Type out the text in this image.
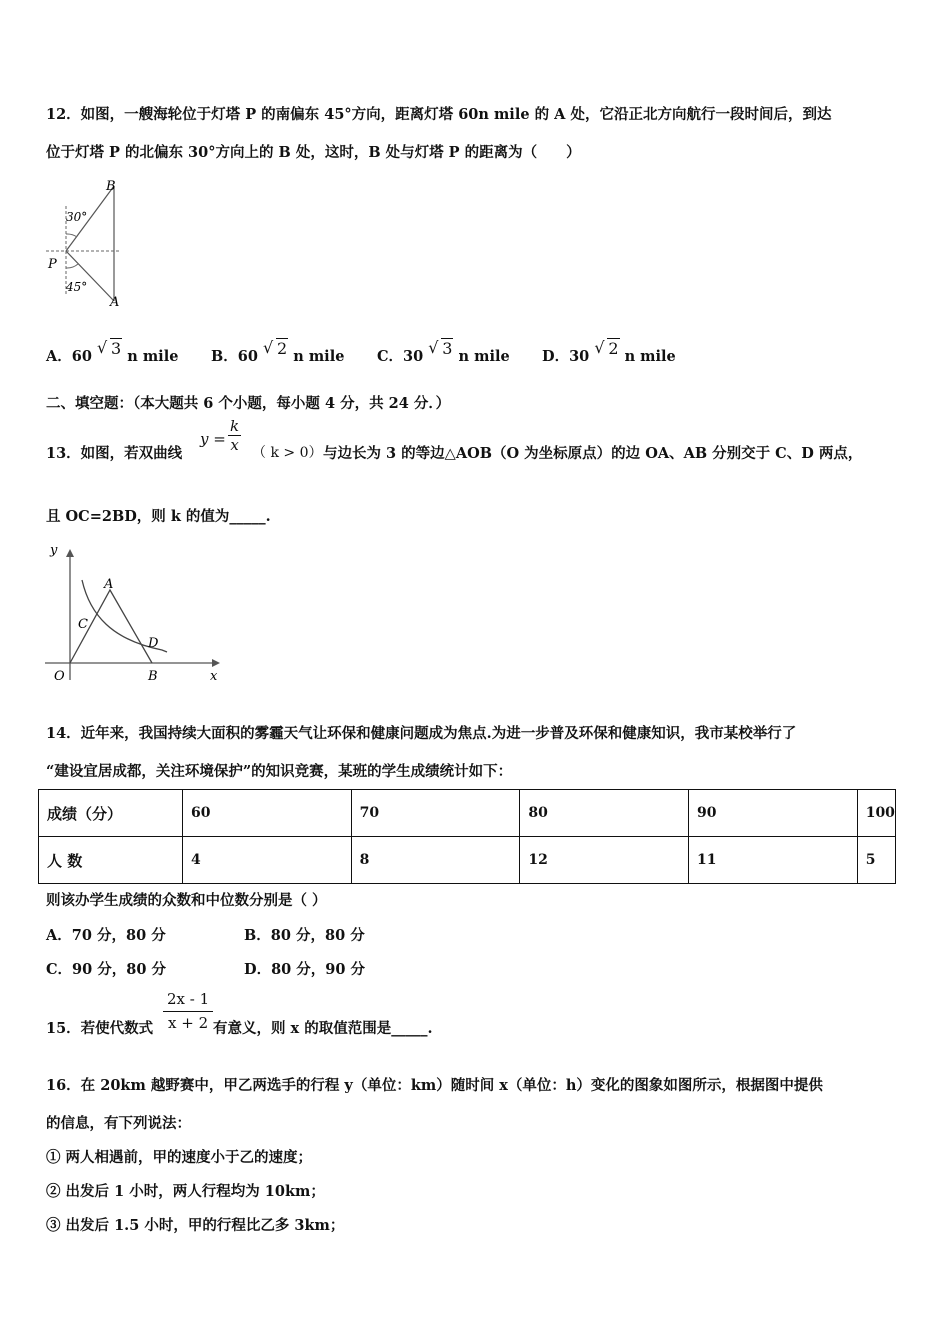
12．如图，一艘海轮位于灯塔 P 的南偏东 45°方向，距离灯塔 60n mile 的 A 处，它沿正北方向航行一段时间后，到达
位于灯塔 P 的北偏东 30°方向上的 B 处，这时，B 处与灯塔 P 的距离为（　　）
B
P
A
30°
45°
A．60 √ 3 n mile B．60 √ 2 n mile C．30 √ 3 n mile D．30 √ 2 n mile
二、填空题：（本大题共 6 个小题，每小题 4 分，共 24 分．）
13．如图，若双曲线
$y = \frac{k}{x}$ （ k > 0） 与边长为 3 的等边△AOB（O 为坐标原点）的边 OA、AB 分别交于 C、D 两点，
且 OC=2BD，则 k 的值为_____.
y
x
O
A
B
C
D
14．近年来，我国持续大面积的雾霾天气让环保和健康问题成为焦点.为进一步普及环保和健康知识，我市某校举行了
“建设宜居成都，关注环境保护”的知识竞赛，某班的学生成绩统计如下：
成绩（分）	60	70	80	90	100
人 数	4	8	12	11	5
则该办学生成绩的众数和中位数分别是（ ）
A．70 分，80 分	B．80 分，80 分
C．90 分，80 分	D．80 分，90 分
15．若使代数式 $\frac{2x - 1}{x + 2}$ 有意义，则 x 的取值范围是_____.
16．在 20km 越野赛中，甲乙两选手的行程 y（单位：km）随时间 x（单位：h）变化的图象如图所示，根据图中提供
的信息，有下列说法：
① 两人相遇前，甲的速度小于乙的速度；
② 出发后 1 小时，两人行程均为 10km；
③ 出发后 1.5 小时，甲的行程比乙多 3km；
